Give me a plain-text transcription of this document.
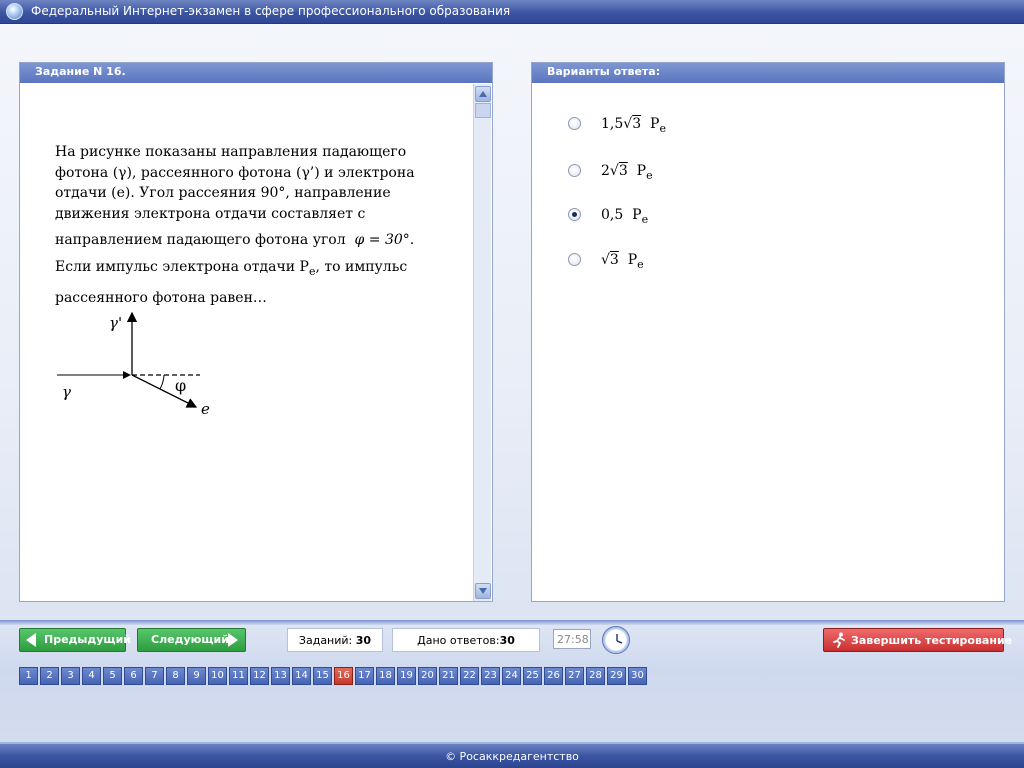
Федеральный Интернет-экзамен в сфере профессионального образования
Задание N 16.

На рисунке показаны направления падающего

фотона (γ), рассеянного фотона (γ’) и электрона

отдачи (e). Угол рассеяния 90°, направление

движения электрона отдачи составляет с

направлением падающего фотона угол φ = 30°.

Если импульс электрона отдачи $P_e$, то импульс

рассеянного фотона равен…

γ'
γ	φ
e
Варианты ответа:
1,5√3 $P_e$
2√3 $P_e$
0,5 $P_e$
√3 $P_e$
Предыдущий Следующий	Заданий: 30	Дано ответов:30	27:58	Завершить тестирование
1	2	3	4	5	6	7	8	9	10 11 12 13 14 15 16 17 18 19 20 21 22 23 24 25 26 27 28 29 30
© Росаккредагентство
